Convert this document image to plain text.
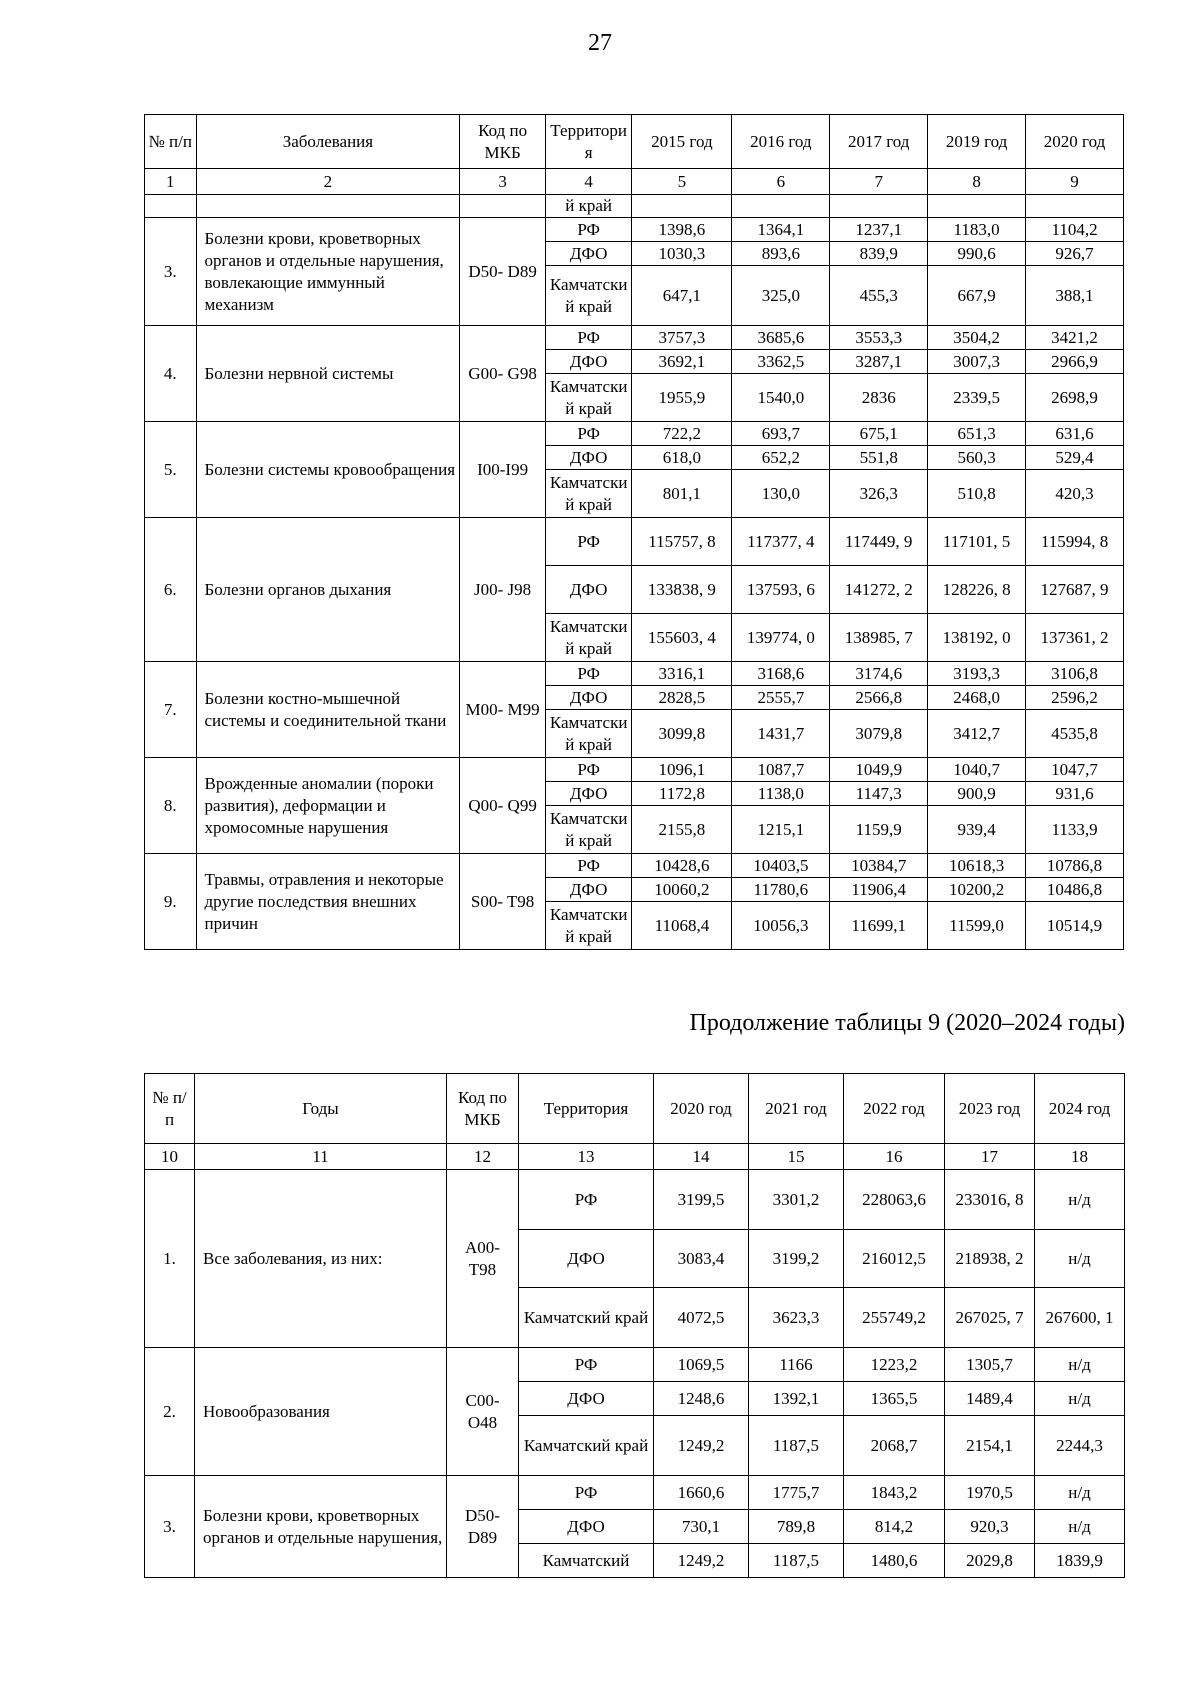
27
№ п/п	Заболевания	Код по МКБ	Территори я	2015 год	2016 год	2017 год	2019 год	2020 год
1	2	3	4	5	6	7	8	9
			й край					
3.	Болезни крови, кроветворных органов и отдельные нарушения, вовлекающие иммунный механизм	D50- D89	РФ	1398,6	1364,1	1237,1	1183,0	1104,2
			ДФО	1030,3	893,6	839,9	990,6	926,7
			Камчатски й край	647,1	325,0	455,3	667,9	388,1
4.	Болезни нервной системы	G00- G98	РФ	3757,3	3685,6	3553,3	3504,2	3421,2
			ДФО	3692,1	3362,5	3287,1	3007,3	2966,9
			Камчатски й край	1955,9	1540,0	2836	2339,5	2698,9
5.	Болезни системы кровообращения	I00-I99	РФ	722,2	693,7	675,1	651,3	631,6
			ДФО	618,0	652,2	551,8	560,3	529,4
			Камчатски й край	801,1	130,0	326,3	510,8	420,3
6.	Болезни органов дыхания	J00- J98	РФ	115757, 8	117377, 4	117449, 9	117101, 5	115994, 8
			ДФО	133838, 9	137593, 6	141272, 2	128226, 8	127687, 9
			Камчатски й край	155603, 4	139774, 0	138985, 7	138192, 0	137361, 2
7.	Болезни костно-мышечной системы и соединительной ткани	M00- M99	РФ	3316,1	3168,6	3174,6	3193,3	3106,8
			ДФО	2828,5	2555,7	2566,8	2468,0	2596,2
			Камчатски й край	3099,8	1431,7	3079,8	3412,7	4535,8
8.	Врожденные аномалии (пороки развития), деформации и хромосомные нарушения	Q00- Q99	РФ	1096,1	1087,7	1049,9	1040,7	1047,7
			ДФО	1172,8	1138,0	1147,3	900,9	931,6
			Камчатски й край	2155,8	1215,1	1159,9	939,4	1133,9
9.	Травмы, отравления и некоторые другие последствия внешних причин	S00- T98	РФ	10428,6	10403,5	10384,7	10618,3	10786,8
			ДФО	10060,2	11780,6	11906,4	10200,2	10486,8
			Камчатски й край	11068,4	10056,3	11699,1	11599,0	10514,9
Продолжение таблицы 9 (2020–2024 годы)
№ п/п	Годы	Код по МКБ	Территория	2020 год	2021 год	2022 год	2023 год	2024 год
10	11	12	13	14	15	16	17	18
1.	Все заболевания, из них:	A00- T98	РФ	3199,5	3301,2	228063,6	233016, 8	н/д
			ДФО	3083,4	3199,2	216012,5	218938, 2	н/д
			Камчатский край	4072,5	3623,3	255749,2	267025, 7	267600, 1
2.	Новообразования	C00- O48	РФ	1069,5	1166	1223,2	1305,7	н/д
			ДФО	1248,6	1392,1	1365,5	1489,4	н/д
			Камчатский край	1249,2	1187,5	2068,7	2154,1	2244,3
3.	Болезни крови, кроветворных органов и отдельные нарушения,	D50- D89	РФ	1660,6	1775,7	1843,2	1970,5	н/д
			ДФО	730,1	789,8	814,2	920,3	н/д
			Камчатский	1249,2	1187,5	1480,6	2029,8	1839,9
